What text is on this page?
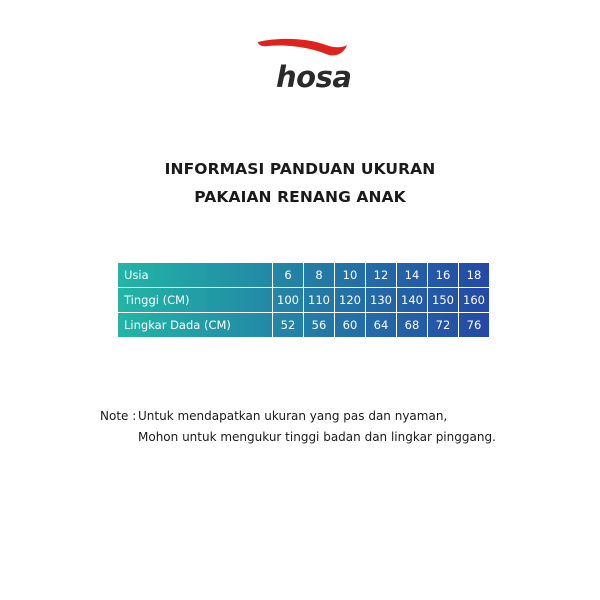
hosa
INFORMASI PANDUAN UKURAN
PAKAIAN RENANG ANAK
Usia	6	8	10	12	14	16	18
Tinggi (CM)	100	110	120	130	140	150	160
Lingkar Dada (CM)	52	56	60	64	68	72	76
Note : Untuk mendapatkan ukuran yang pas dan nyaman,
Mohon untuk mengukur tinggi badan dan lingkar pinggang.
